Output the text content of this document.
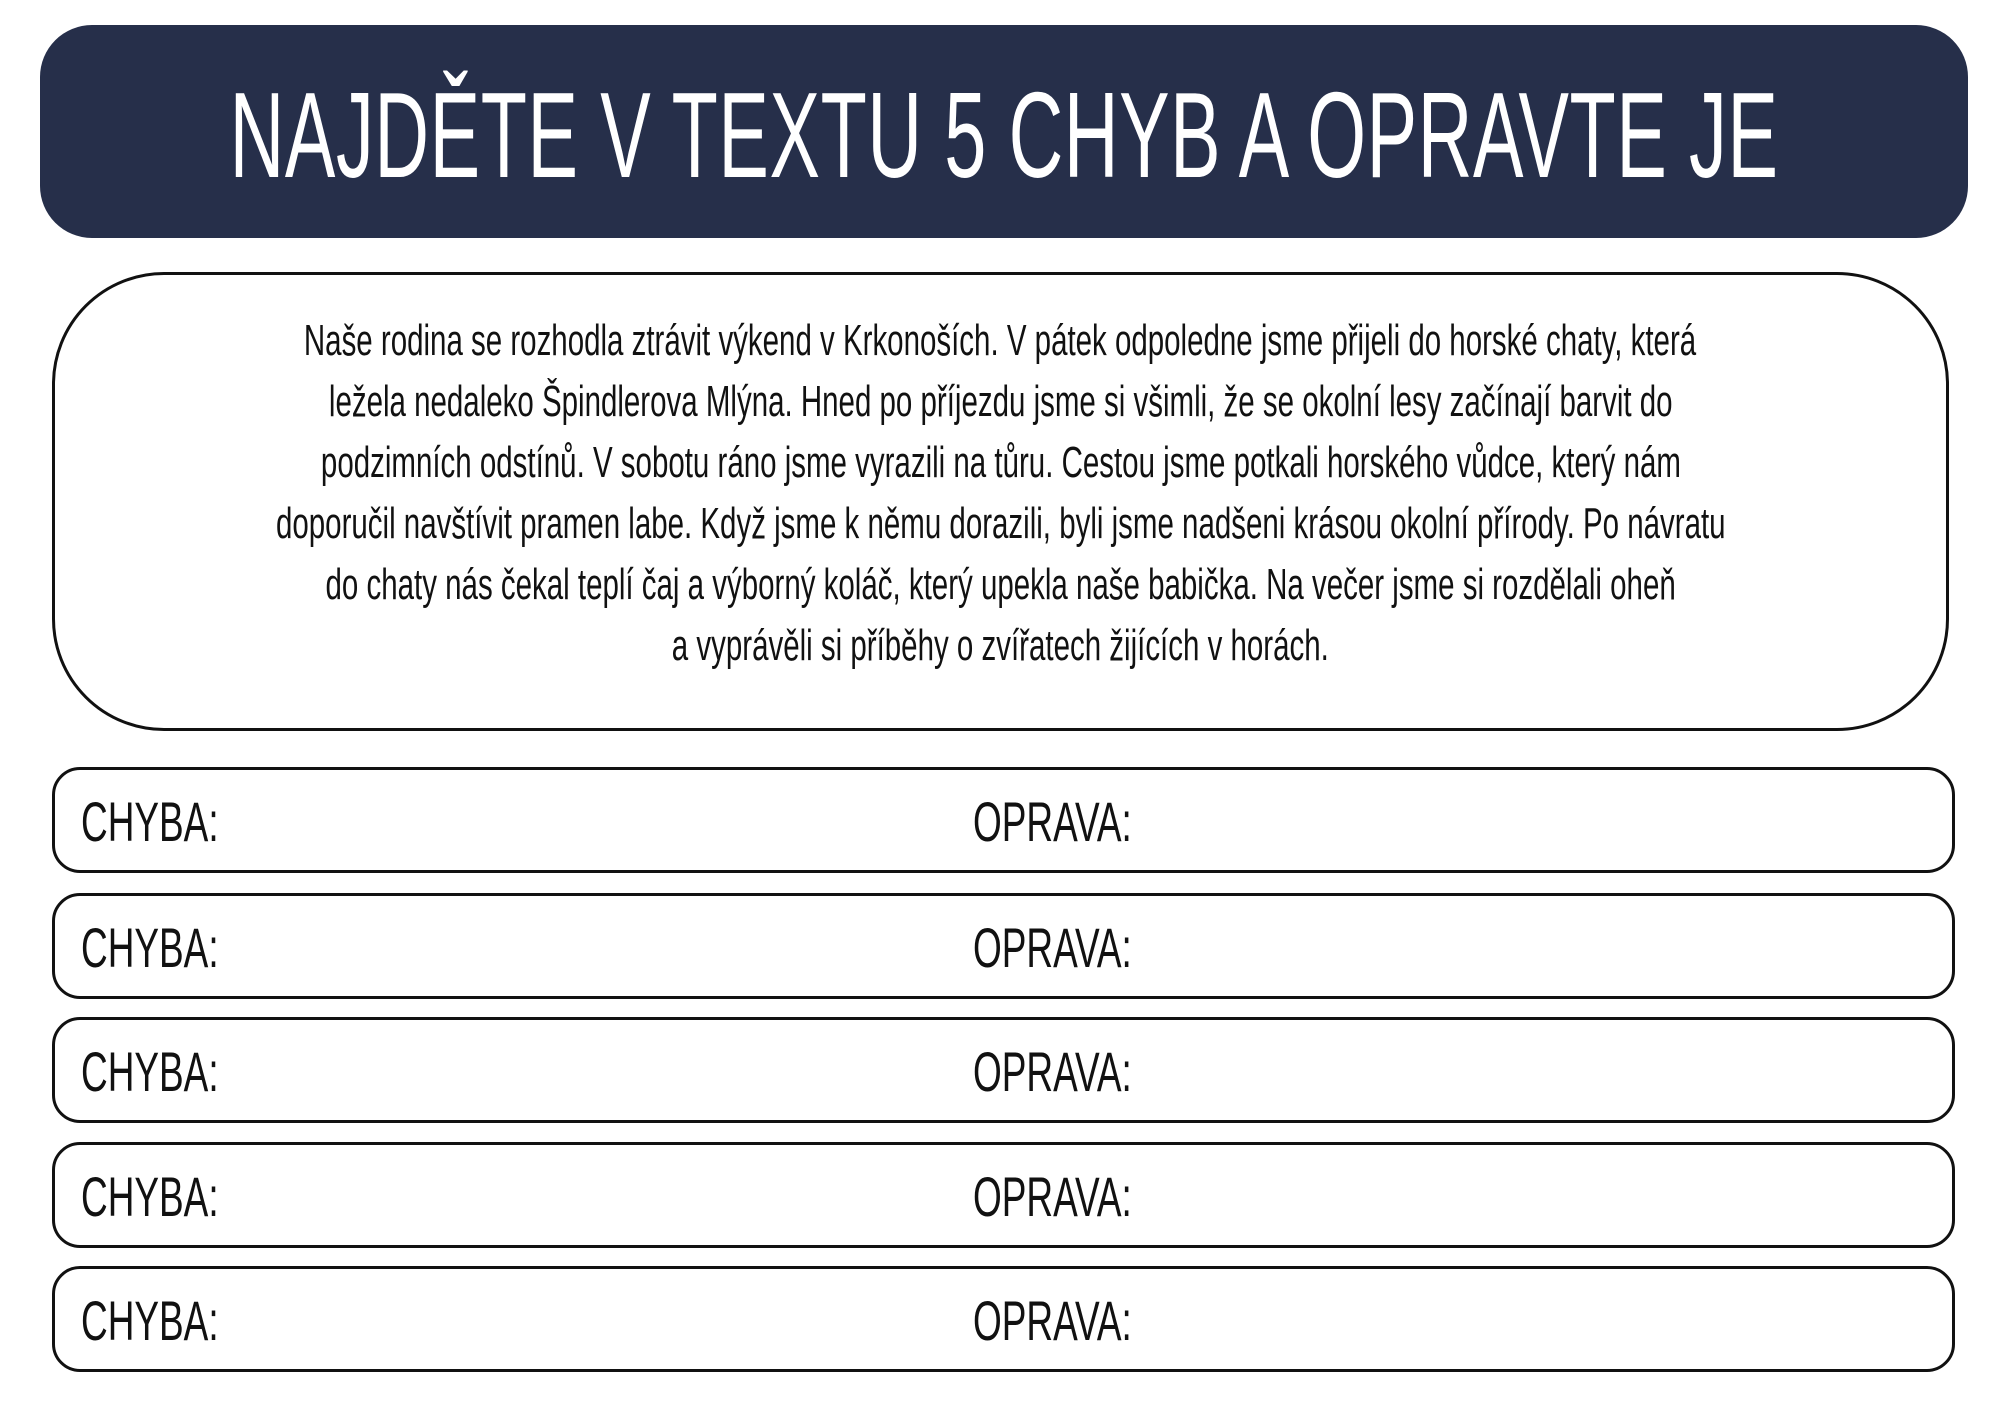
NAJDĚTE V TEXTU 5 CHYB A OPRAVTE JE
Naše rodina se rozhodla ztrávit výkend v Krkonoších. V pátek odpoledne jsme přijeli do horské chaty, která
ležela nedaleko Špindlerova Mlýna. Hned po příjezdu jsme si všimli, že se okolní lesy začínají barvit do
podzimních odstínů. V sobotu ráno jsme vyrazili na tůru. Cestou jsme potkali horského vůdce, který nám
doporučil navštívit pramen labe. Když jsme k němu dorazili, byli jsme nadšeni krásou okolní přírody. Po návratu
do chaty nás čekal teplí čaj a výborný koláč, který upekla naše babička. Na večer jsme si rozdělali oheň
a vyprávěli si příběhy o zvířatech žijících v horách.
CHYBA:	OPRAVA:
CHYBA:	OPRAVA:
CHYBA:	OPRAVA:
CHYBA:	OPRAVA:
CHYBA:	OPRAVA:
